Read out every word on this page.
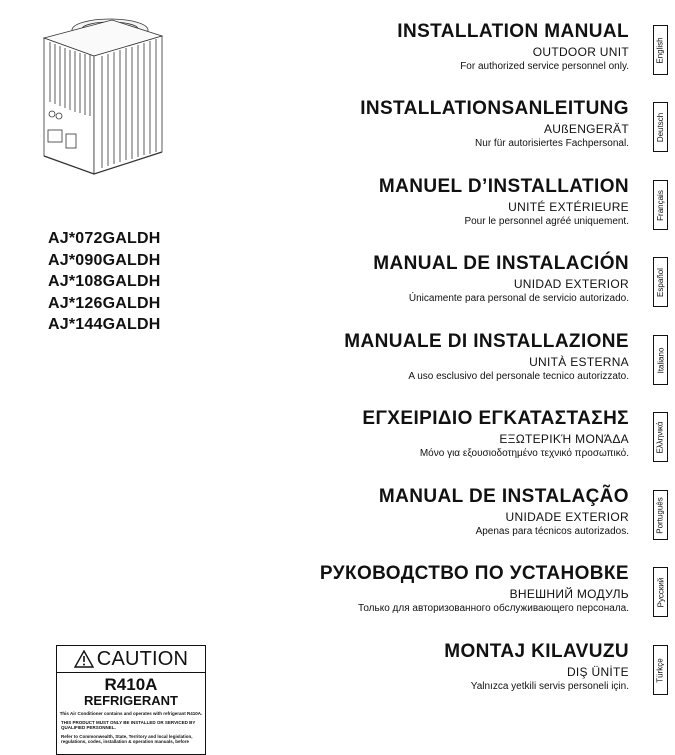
AJ*072GALDH
AJ*090GALDH
AJ*108GALDH
AJ*126GALDH
AJ*144GALDH
INSTALLATION MANUAL
OUTDOOR UNIT
For authorized service personnel only.
English
INSTALLATIONSANLEITUNG
AUßENGERÄT
Nur für autorisiertes Fachpersonal.
Deutsch
MANUEL D’INSTALLATION
UNITÉ EXTÉRIEURE
Pour le personnel agréé uniquement.
Français
MANUAL DE INSTALACIÓN
UNIDAD EXTERIOR
Únicamente para personal de servicio autorizado.
Español
MANUALE DI INSTALLAZIONE
UNITÀ ESTERNA
A uso esclusivo del personale tecnico autorizzato.
Italiano
ΕΓΧΕΙΡΙΔΙΟ ΕΓΚΑΤΑΣΤΑΣΗΣ
ΕΞΩΤΕΡΙΚΉ ΜΟΝΆΔΑ
Μόνο για εξουσιοδοτημένο τεχνικό προσωπικό.
Ελληνικά
MANUAL DE INSTALAÇÃO
UNIDADE EXTERIOR
Apenas para técnicos autorizados.	Português
РУКОВОДСТВО ПО УСТАНОВКЕ
ВНЕШНИЙ МОДУЛЬ
Только для авторизованного обслуживающего персонала.
Русский
MONTAJ KILAVUZU
DIŞ ÜNİTE
Yalnızca yetkili servis personeli için.
Türkçe
CAUTION
R410A
REFRIGERANT
This Air Conditioner contains and operates with refrigerant R410A.
THIS PRODUCT MUST ONLY BE INSTALLED OR SERVICED BY QUALIFIED PERSONNEL.
Refer to Commonwealth, State, Territory and local legislation, regulations, codes, installation & operation manuals, before
